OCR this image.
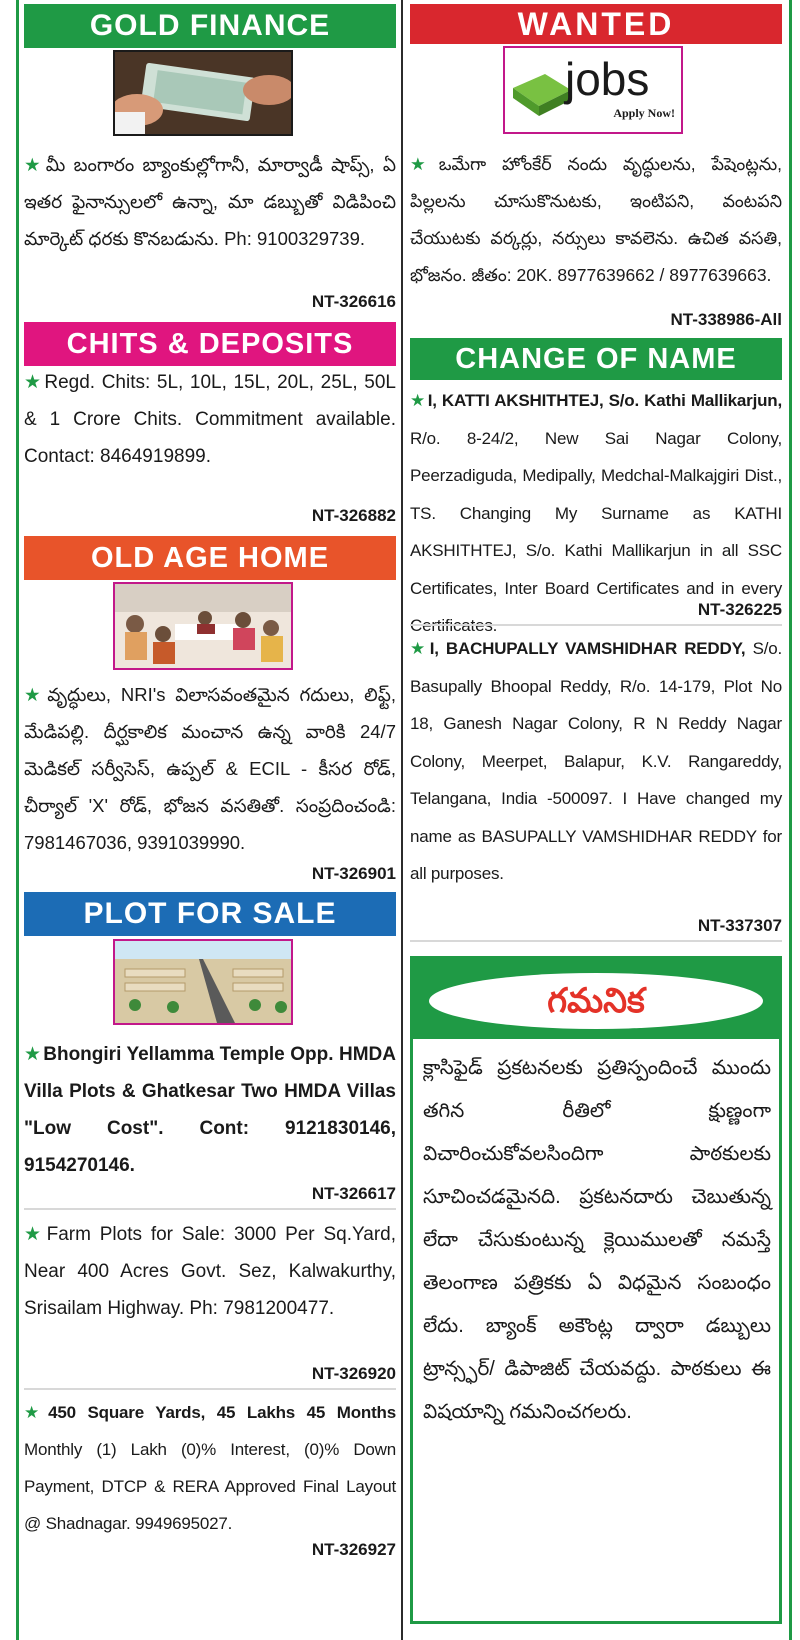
GOLD FINANCE
★ మీ బంగారం బ్యాంకుల్లోగానీ, మార్వాడీ షాప్స్, ఏ ఇతర ఫైనాన్సులలో ఉన్నా, మా డబ్బుతో విడిపించి మార్కెట్ ధరకు కొనబడును. Ph: 9100329739.
NT-326616
CHITS & DEPOSITS
★ Regd. Chits: 5L, 10L, 15L, 20L, 25L, 50L & 1 Crore Chits. Commitment available. Contact: 8464919899.
NT-326882
OLD AGE HOME
★ వృద్ధులు, NRI's విలాసవంతమైన గదులు, లిఫ్ట్, మేడిపల్లి. దీర్ఘకాలిక మంచాన ఉన్న వారికి 24/7 మెడికల్ సర్వీసెస్, ఉప్పల్ & ECIL - కీసర రోడ్, చీర్యాల్ 'X' రోడ్, భోజన వసతితో. సంప్రదించండి: 7981467036, 9391039990.
NT-326901
PLOT FOR SALE
★ Bhongiri Yellamma Temple Opp. HMDA Villa Plots & Ghatkesar Two HMDA Villas "Low Cost". Cont: 9121830146, 9154270146.
NT-326617
★ Farm Plots for Sale: 3000 Per Sq.Yard, Near 400 Acres Govt. Sez, Kalwakurthy, Srisailam Highway. Ph: 7981200477.
NT-326920
★ 450 Square Yards, 45 Lakhs 45 Months Monthly (1) Lakh (0)% Interest, (0)% Down Payment, DTCP & RERA Approved Final Layout @ Shadnagar. 9949695027.
NT-326927
WANTED
jobs
Apply Now!
★ ఒమేగా హోంకేర్ నందు వృద్ధులను, పేషెంట్లను, పిల్లలను చూసుకొనుటకు, ఇంటిపని, వంటపని చేయుటకు వర్కర్లు, నర్సులు కావలెను. ఉచిత వసతి, భోజనం. జీతం: 20K. 8977639662 / 8977639663.
NT-338986-All
CHANGE OF NAME
★ I, KATTI AKSHITHTEJ, S/o. Kathi Mallikarjun, R/o. 8-24/2, New Sai Nagar Colony, Peerzadiguda, Medipally, Medchal-Malkajgiri Dist., TS. Changing My Surname as KATHI AKSHITHTEJ, S/o. Kathi Mallikarjun in all SSC Certificates, Inter Board Certificates and in every
NT-326225
★ I, BACHUPALLY VAMSHIDHAR REDDY, S/o. Basupally Bhoopal Reddy, R/o. 14-179, Plot No 18, Ganesh Nagar Colony, R N Reddy Nagar Colony, Meerpet, Balapur, K.V. Rangareddy, Telangana, India -500097. I Have changed my name as BASUPALLY VAMSHIDHAR REDDY for all purposes.
NT-337307
గమనిక
క్లాసిఫైడ్ ప్రకటనలకు ప్రతిస్పందించే ముందు తగిన రీతిలో క్షుణ్ణంగా విచారించుకోవలసిందిగా పాఠకులకు సూచించడమైనది. ప్రకటనదారు చెబుతున్న లేదా చేసుకుంటున్న క్లెయిములతో నమస్తే తెలంగాణ పత్రికకు ఏ విధమైన సంబంధం లేదు. బ్యాంక్ అకౌంట్ల ద్వారా డబ్బులు ట్రాన్స్ఫర్/ డిపాజిట్ చేయవద్దు. పాఠకులు ఈ విషయాన్ని గమనించగలరు.
